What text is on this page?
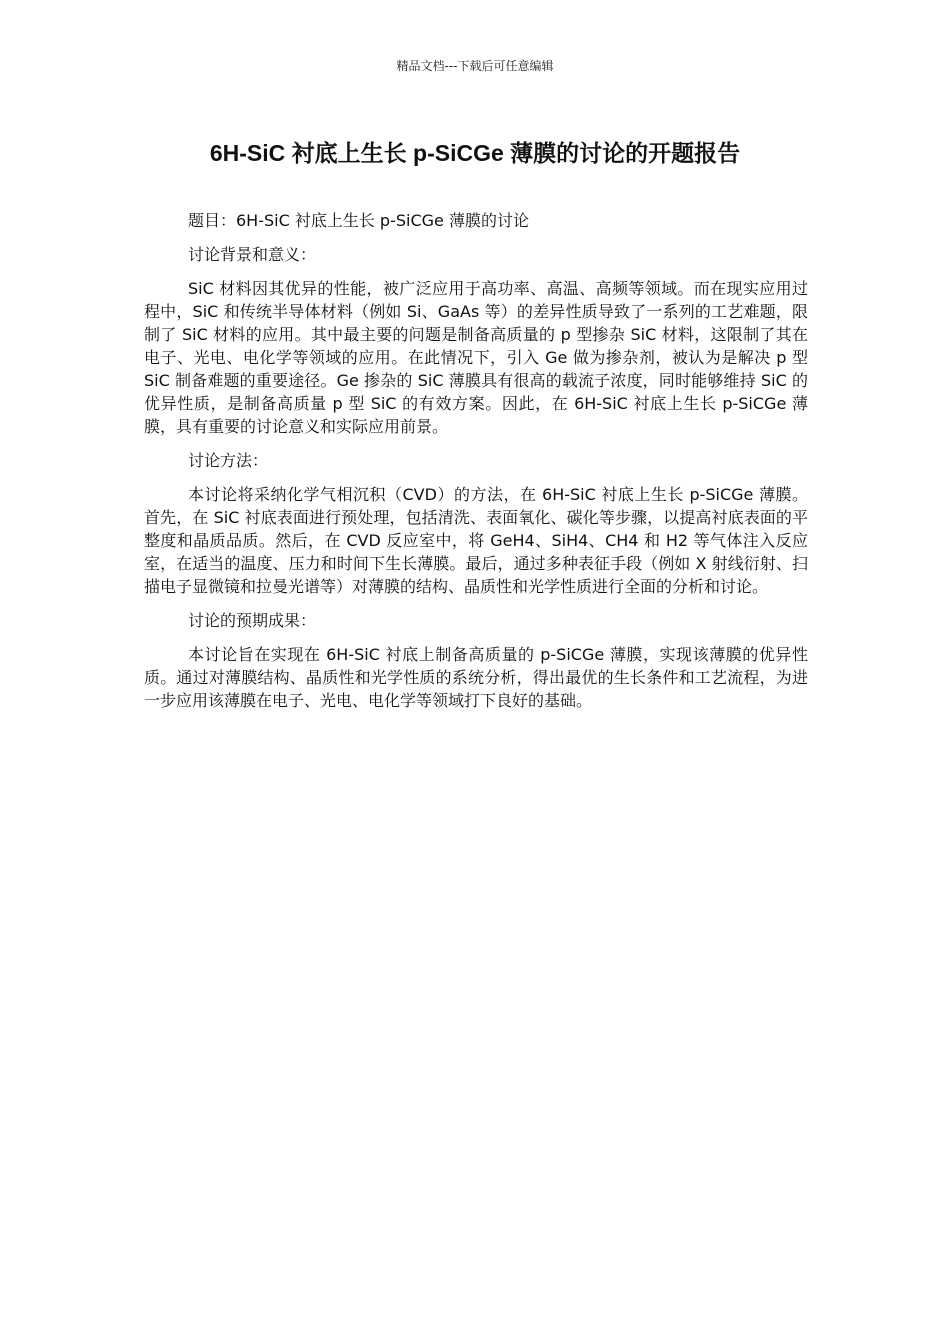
精品文档---下载后可任意编辑
6H-SiC 衬底上生长 p-SiCGe 薄膜的讨论的开题报告

题目：6H-SiC 衬底上生长 p-SiCGe 薄膜的讨论

讨论背景和意义：

SiC 材料因其优异的性能，被广泛应用于高功率、高温、高频等领域。而在现实应用过程中，SiC 和传统半导体材料（例如 Si、GaAs 等）的差异性质导致了一系列的工艺难题，限制了 SiC 材料的应用。其中最主要的问题是制备高质量的 p 型掺杂 SiC 材料，这限制了其在电子、光电、电化学等领域的应用。在此情况下，引入 Ge 做为掺杂剂，被认为是解决 p 型 SiC 制备难题的重要途径。Ge 掺杂的 SiC 薄膜具有很高的载流子浓度，同时能够维持 SiC 的优异性质，是制备高质量 p 型 SiC 的有效方案。因此，在 6H-SiC 衬底上生长 p-SiCGe 薄膜，具有重要的讨论意义和实际应用前景。

讨论方法：

本讨论将采纳化学气相沉积（CVD）的方法，在 6H-SiC 衬底上生长 p-SiCGe 薄膜。首先，在 SiC 衬底表面进行预处理，包括清洗、表面氧化、碳化等步骤，以提高衬底表面的平整度和晶质品质。然后，在 CVD 反应室中，将 GeH4、SiH4、CH4 和 H2 等气体注入反应室，在适当的温度、压力和时间下生长薄膜。最后，通过多种表征手段（例如 X 射线衍射、扫描电子显微镜和拉曼光谱等）对薄膜的结构、晶质性和光学性质进行全面的分析和讨论。

讨论的预期成果：

本讨论旨在实现在 6H-SiC 衬底上制备高质量的 p-SiCGe 薄膜，实现该薄膜的优异性质。通过对薄膜结构、晶质性和光学性质的系统分析，得出最优的生长条件和工艺流程，为进一步应用该薄膜在电子、光电、电化学等领域打下良好的基础。
